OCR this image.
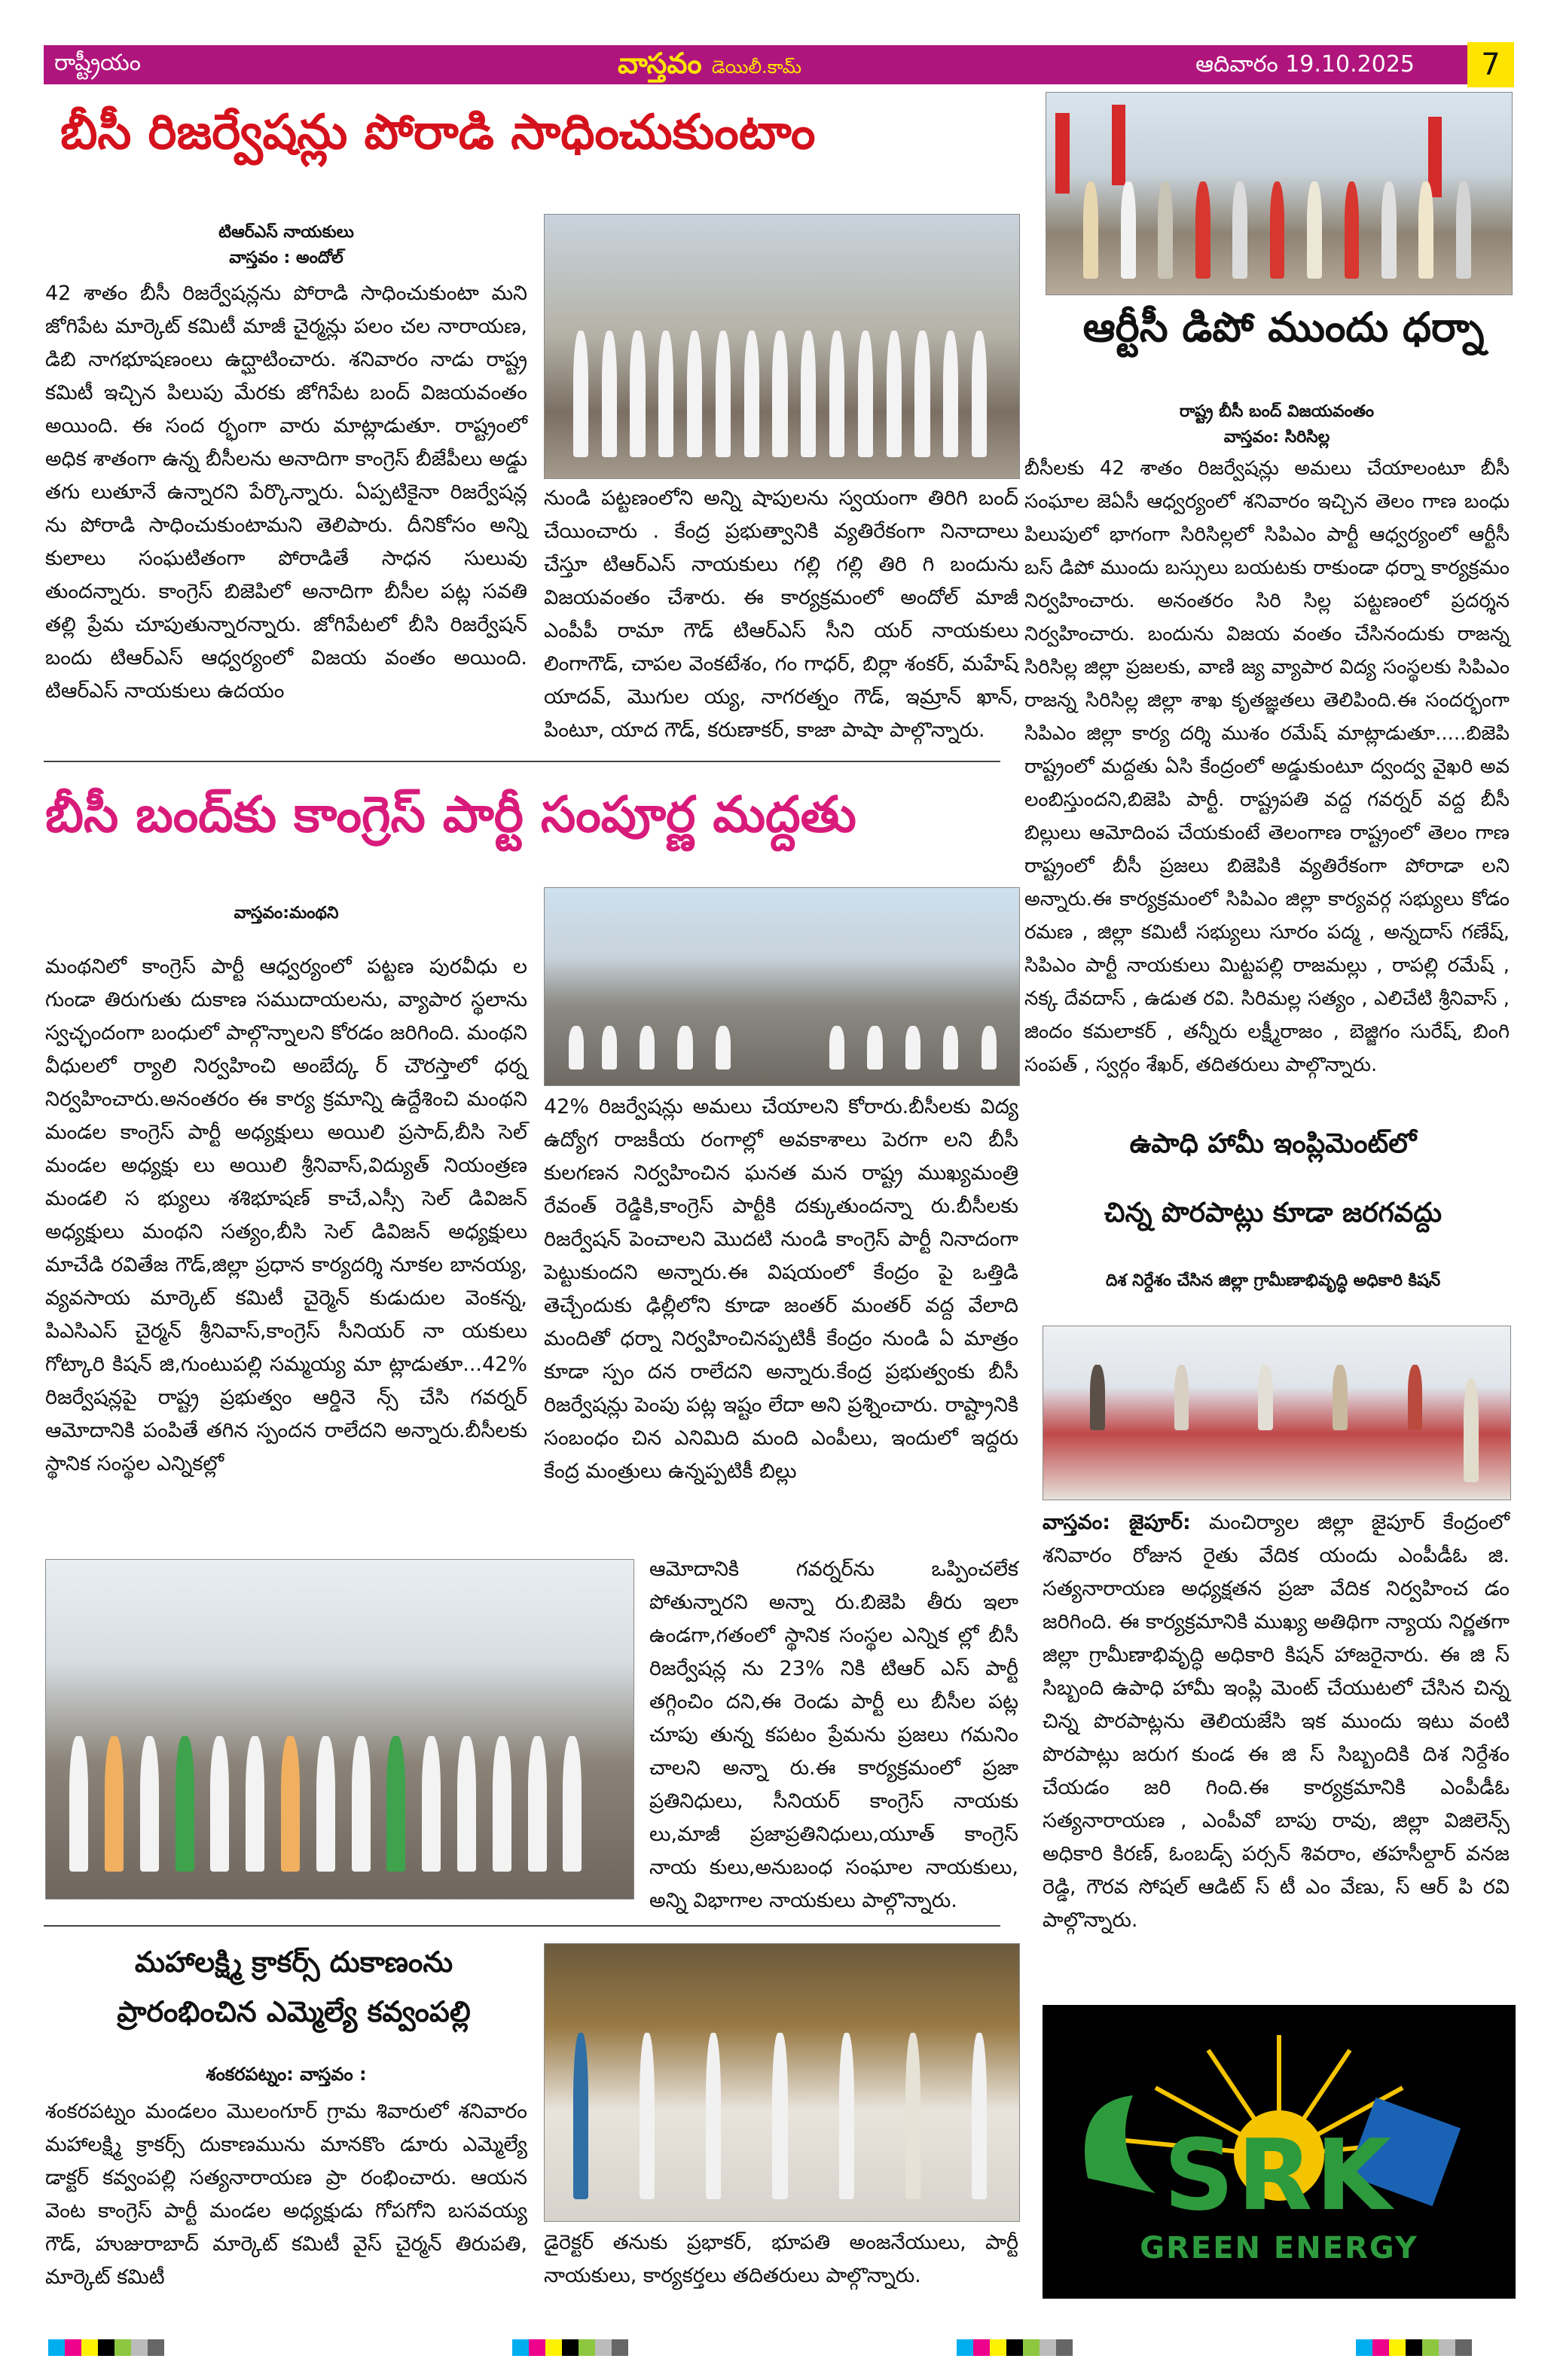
రాష్ట్రీయం	వాస్తవం డెయిలీ.కామ్	ఆదివారం 19.10.2025	7
బీసీ రిజర్వేషన్లు పోరాడి సాధించుకుంటాం
టిఆర్ఎస్ నాయకులు
వాస్తవం : అందోల్
42 శాతం బీసీ రిజర్వేషన్లను పోరాడి సాధించుకుంటా మని జోగిపేట మార్కెట్ కమిటీ మాజీ చైర్మన్లు పలం చల నారాయణ, డిబి నాగభూషణంలు ఉద్ఘాటించారు. శనివారం నాడు రాష్ట్ర కమిటీ ఇచ్చిన పిలుపు మేరకు జోగిపేట బంద్ విజయవంతం అయింది. ఈ సంద ర్భంగా వారు మాట్లాడుతూ. రాష్ట్రంలో అధిక శాతంగా ఉన్న బీసీలను అనాదిగా కాంగ్రెస్ బీజేపీలు అడ్డు తగు లుతూనే ఉన్నారని పేర్కొన్నారు. ఏప్పటికైనా రిజర్వేషన్ల ను పోరాడి సాధించుకుంటామని తెలిపారు. దీనికోసం అన్ని కులాలు సంఘటితంగా పోరాడితే సాధన సులువు తుందన్నారు. కాంగ్రెస్ బిజెపిలో అనాదిగా బీసీల పట్ల సవతి తల్లి ప్రేమ చూపుతున్నారన్నారు. జోగిపేటలో బీసి రిజర్వేషన్ బందు టిఆర్ఎస్ ఆధ్వర్యంలో విజయ వంతం అయింది. టిఆర్ఎస్ నాయకులు ఉదయం
నుండి పట్టణంలోని అన్ని షాపులను స్వయంగా తిరిగి బంద్ చేయించారు . కేంద్ర ప్రభుత్వానికి వ్యతిరేకంగా నినాదాలు చేస్తూ టిఆర్ఎస్ నాయకులు గల్లి గల్లి తిరి గి బందును విజయవంతం చేశారు. ఈ కార్యక్రమంలో అందోల్ మాజీ ఎంపీపీ రామా గౌడ్ టిఆర్ఎస్ సీని యర్ నాయకులు లింగాగౌడ్, చాపల వెంకటేశం, గం గాధర్, బిర్లా శంకర్, మహేష్ యాదవ్, మొగుల య్య, నాగరత్నం గౌడ్, ఇమ్రాన్ ఖాన్, పింటూ, యాద గౌడ్, కరుణాకర్, కాజా పాషా పాల్గొన్నారు.
ఆర్టీసీ డిపో ముందు ధర్నా
రాష్ట్ర బీసీ బంద్ విజయవంతం
వాస్తవం: సిరిసిల్ల
బీసీలకు 42 శాతం రిజర్వేషన్లు అమలు చేయాలంటూ బీసీ సంఘాల జెఏసీ ఆధ్వర్యంలో శనివారం ఇచ్చిన తెలం గాణ బంధు పిలుపులో భాగంగా సిరిసిల్లలో సిపిఎం పార్టీ ఆధ్వర్యంలో ఆర్టీసీ బస్ డిపో ముందు బస్సులు బయటకు రాకుండా ధర్నా కార్యక్రమం నిర్వహించారు. అనంతరం సిరి సిల్ల పట్టణంలో ప్రదర్శన నిర్వహించారు. బందును విజయ వంతం చేసినందుకు రాజన్న సిరిసిల్ల జిల్లా ప్రజలకు, వాణి జ్య వ్యాపార విద్య సంస్థలకు సిపిఎం రాజన్న సిరిసిల్ల జిల్లా శాఖ కృతజ్ఞతలు తెలిపింది.ఈ సందర్భంగా సిపిఎం జిల్లా కార్య దర్శి ముశం రమేష్ మాట్లాడుతూ.....బిజెపి రాష్ట్రంలో మద్దతు ఏసి కేంద్రంలో అడ్డుకుంటూ ద్వంద్వ వైఖరి అవ లంబిస్తుందని,బిజెపి పార్టీ. రాష్ట్రపతి వద్ద గవర్నర్ వద్ద బీసీ బిల్లులు ఆమోదింప చేయకుంటే తెలంగాణ రాష్ట్రంలో తెలం గాణ రాష్ట్రంలో బీసీ ప్రజలు బిజెపికి వ్యతిరేకంగా పోరాడా లని అన్నారు.ఈ కార్యక్రమంలో సిపిఎం జిల్లా కార్యవర్గ సభ్యులు కోడం రమణ , జిల్లా కమిటీ సభ్యులు సూరం పద్మ , అన్నదాస్ గణేష్, సిపిఎం పార్టీ నాయకులు మిట్టపల్లి రాజమల్లు , రాపల్లి రమేష్ , నక్క దేవదాస్ , ఉడుత రవి. సిరిమల్ల సత్యం , ఎలిచేటి శ్రీనివాస్ , జిందం కమలాకర్ , తన్నీరు లక్ష్మీరాజం , బెజ్జిగం సురేష్, బింగి సంపత్ , స్వర్గం శేఖర్, తదితరులు పాల్గొన్నారు.
బీసీ బంద్‌కు కాంగ్రెస్ పార్టీ సంపూర్ణ మద్దతు
వాస్తవం:మంథని
మంథనిలో కాంగ్రెస్ పార్టీ ఆధ్వర్యంలో పట్టణ పురవీధు ల గుండా తిరుగుతు దుకాణ సముదాయలను, వ్యాపార స్థలాను స్వచ్ఛందంగా బంధులో పాల్గొన్నాలని కోరడం జరిగింది. మంథని వీధులలో ర్యాలి నిర్వహించి అంబేద్క ర్ చౌరస్తాలో ధర్న నిర్వహించారు.అనంతరం ఈ కార్య క్రమాన్ని ఉద్దేశించి మంథని మండల కాంగ్రెస్ పార్టీ అధ్యక్షులు అయిలి ప్రసాద్,బీసి సెల్ మండల అధ్యక్షు లు అయిలి శ్రీనివాస్,విద్యుత్ నియంత్రణ మండలి స భ్యులు శశిభూషణ్ కాచే,ఎస్సీ సెల్ డివిజన్ అధ్యక్షులు మంథని సత్యం,బీసి సెల్ డివిజన్ అధ్యక్షులు మాచేడి రవితేజ గౌడ్,జిల్లా ప్రధాన కార్యదర్శి నూకల బానయ్య, వ్యవసాయ మార్కెట్ కమిటీ చైర్మెన్ కుడుదుల వెంకన్న, పిఎసిఎస్ చైర్మన్ శ్రీనివాస్,కాంగ్రెస్ సీనియర్ నా యకులు గోట్కారి కిషన్ జి,గుంటుపల్లి సమ్మయ్య మా ట్లాడుతూ...42% రిజర్వేషన్లపై రాష్ట్ర ప్రభుత్వం ఆర్డినె న్స్ చేసి గవర్నర్ ఆమోదానికి పంపితే తగిన స్పందన రాలేదని అన్నారు.బీసీలకు స్థానిక సంస్థల ఎన్నికల్లో
42% రిజర్వేషన్లు అమలు చేయాలని కోరారు.బీసీలకు విద్య ఉద్యోగ రాజకీయ రంగాల్లో అవకాశాలు పెరగా లని బీసీ కులగణన నిర్వహించిన ఘనత మన రాష్ట్ర ముఖ్యమంత్రి రేవంత్ రెడ్డికి,కాంగ్రెస్ పార్టీకి దక్కుతుందన్నా రు.బీసీలకు రిజర్వేషన్ పెంచాలని మొదటి నుండి కాంగ్రెస్ పార్టీ నినాదంగా పెట్టుకుందని అన్నారు.ఈ విషయంలో కేంద్రం పై ఒత్తిడి తెచ్చేందుకు ఢిల్లీలోని కూడా జంతర్ మంతర్ వద్ద వేలాది మందితో ధర్నా నిర్వహించినప్పటికీ కేంద్రం నుండి ఏ మాత్రం కూడా స్పం దన రాలేదని అన్నారు.కేంద్ర ప్రభుత్వంకు బీసీ రిజర్వేషన్లు పెంపు పట్ల ఇష్టం లేదా అని ప్రశ్నించారు. రాష్ట్రానికి సంబంధం చిన ఎనిమిది మంది ఎంపీలు, ఇందులో ఇద్దరు కేంద్ర మంత్రులు ఉన్నప్పటికీ బిల్లు
ఆమోదానికి గవర్నర్‌ను ఒప్పించలేక పోతున్నారని అన్నా రు.బిజెపి తీరు ఇలా ఉండగా,గతంలో స్థానిక సంస్థల ఎన్నిక ల్లో బీసీ రిజర్వేషన్ల ను 23% నికి టిఆర్ ఎస్ పార్టీ తగ్గించిం దని,ఈ రెండు పార్టీ లు బీసీల పట్ల చూపు తున్న కపటం ప్రేమను ప్రజలు గమనిం చాలని అన్నా రు.ఈ కార్యక్రమంలో ప్రజా ప్రతినిధులు, సీనియర్ కాంగ్రెస్ నాయకు లు,మాజీ ప్రజాప్రతినిధులు,యూత్ కాంగ్రెస్ నాయ కులు,అనుబంధ సంఘాల నాయకులు, అన్ని విభాగాల నాయకులు పాల్గొన్నారు.
ఉపాధి హామీ ఇంప్లిమెంట్‌లో
చిన్న పొరపాట్లు కూడా జరగవద్దు
దిశ నిర్దేశం చేసిన జిల్లా గ్రామీణాభివృద్ధి అధికారి కిషన్
వాస్తవం: జైపూర్: మంచిర్యాల జిల్లా జైపూర్ కేంద్రంలో శనివారం రోజున రైతు వేదిక యందు ఎంపీడీఓ జి. సత్యనారాయణ అధ్యక్షతన ప్రజా వేదిక నిర్వహించ డం జరిగింది. ఈ కార్యక్రమానికి ముఖ్య అతిథిగా న్యాయ నిర్ణతగా జిల్లా గ్రామీణాభివృద్ధి అధికారి కిషన్ హాజరైనారు. ఈ జి స్ సిబ్బంది ఉపాధి హామీ ఇంప్లి మెంట్ చేయుటలో చేసిన చిన్న చిన్న పొరపాట్లను తెలియజేసి ఇక ముందు ఇటు వంటి పొరపాట్లు జరుగ కుండ ఈ జి స్ సిబ్బందికి దిశ నిర్దేశం చేయడం జరి గింది.ఈ కార్యక్రమానికి ఎంపీడీఓ సత్యనారాయణ , ఎంపీవో బాపు రావు, జిల్లా విజిలెన్స్ అధికారి కిరణ్, ఓంబడ్స్ పర్సన్ శివరాం, తహసీల్దార్ వనజ రెడ్డి, గౌరవ సోషల్ ఆడిట్ స్ టీ ఎం వేణు, స్ ఆర్ పి రవి పాల్గొన్నారు.
మహాలక్ష్మి క్రాకర్స్ దుకాణంను
ప్రారంభించిన ఎమ్మెల్యే కవ్వంపల్లి
శంకరపట్నం: వాస్తవం :
శంకరపట్నం మండలం మొలంగూర్ గ్రామ శివారులో శనివారం మహాలక్ష్మి క్రాకర్స్ దుకాణమును మానకొం డూరు ఎమ్మెల్యే డాక్టర్ కవ్వంపల్లి సత్యనారాయణ ప్రా రంభించారు. ఆయన వెంట కాంగ్రెస్ పార్టీ మండల అధ్యక్షుడు గోపగోని బసవయ్య గౌడ్, హుజురాబాద్ మార్కెట్ కమిటీ వైస్ చైర్మన్ తిరుపతి, మార్కెట్ కమిటీ
డైరెక్టర్ తనుకు ప్రభాకర్, భూపతి అంజనేయులు, పార్టీ నాయకులు, కార్యకర్తలు తదితరులు పాల్గొన్నారు.
SRK
GREEN ENERGY
